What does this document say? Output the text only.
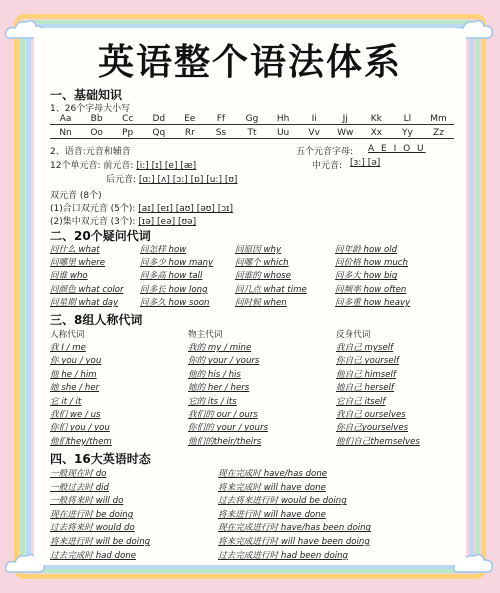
英语整个语法体系
一、基础知识
1、26个字母大小写
Aa	Bb	Cc	Dd	Ee	Ff	Gg	Hh	Ii	Jj	Kk	Ll	Mm
Nn	Oo	Pp	Qq	Rr	Ss	Tt	Uu	Vv	Ww	Xx	Yy	Zz
2、语音:元音和辅音	五个元音字母: A E I O U
12个单元音: 前元音: [i:] [ɪ] [e] [æ]	中元音: [ɜ:] [ə]
后元音: [ɑ:] [ʌ] [ɔ:] [ɒ] [u:] [ʊ]
双元音 (8个)
(1)合口双元音 (5个): [aɪ] [eɪ] [aʊ] [əʊ] [ɔɪ]
(2)集中双元音 (3个): [ɪə] [eə] [ʊə]
二、20个疑问代词
问什么 what	问怎样 how	问原因 why	问年龄 how old
问哪里 where	问多少 how many	问哪个 which	问价格 how much
问谁 who	问多高 how tall	问谁的 whose	问多大 how big
问颜色 what color	问多长 how long	问几点 what time	问频率 how often
问星期 what day	问多久 how soon	问时候 when	问多重 how heavy
三、8组人称代词
人称代词	物主代词	反身代词
我 I / me	我的 my / mine	我自己 myself
你 you / you	你的 your / yours	你自己 yourself
他 he / him	他的 his / his	他自己 himself
她 she / her	她的 her / hers	她自己 herself
它 it / it	它的 its / its	它自己 itself
我们 we / us	我们的 our / ours	我自己 ourselves
你们 you / you	你们的 your / yours	你自己yourselves
他们they/them	他们的their/theirs	他们自己themselves
四、16大英语时态
一般现在时 do	现在完成时 have/has done
一般过去时 did	将来完成时 will have done
一般将来时 will do	过去将来进行时 would be doing
现在进行时 be doing	将来进行时 will have done
过去将来时 would do	现在完成进行时 have/has been doing
将来进行时 will be doing	将来完成进行时 will have been doing
过去完成时 had done	过去完成进行时 had been doing
